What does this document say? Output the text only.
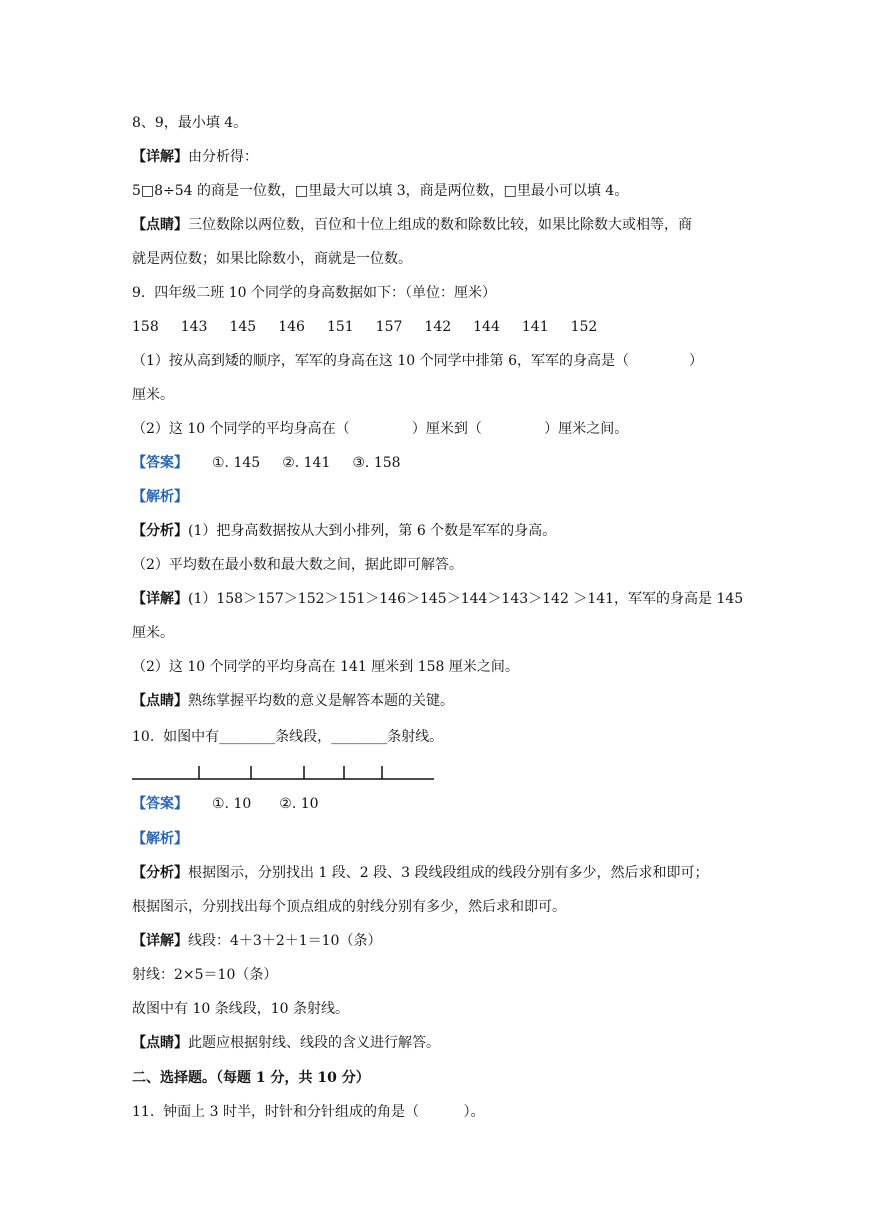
8、9，最小填 4。
【详解】由分析得：
5□8÷54 的商是一位数，□里最大可以填 3，商是两位数，□里最小可以填 4。
【点睛】三位数除以两位数，百位和十位上组成的数和除数比较，如果比除数大或相等，商
就是两位数；如果比除数小，商就是一位数。
9.  四年级二班 10 个同学的身高数据如下：（单位：厘米）
158 143 145 146 151 157 142 144 141 152
（1）按从高到矮的顺序，军军的身高在这 10 个同学中排第 6，军军的身高是（	）
厘米。
（2）这 10 个同学的平均身高在（              ）厘米到（              ）厘米之间。
【答案】 ①. 145 ②. 141 ③. 158
【解析】
【分析】(1）把身高数据按从大到小排列，第 6 个数是军军的身高。
（2）平均数在最小数和最大数之间，据此即可解答。
【详解】(1）158＞157＞152＞151＞146＞145＞144＞143＞142 ＞141，军军的身高是 145
厘米。
（2）这 10 个同学的平均身高在 141 厘米到 158 厘米之间。
【点睛】熟练掌握平均数的意义是解答本题的关键。
10.  如图中有________条线段，________条射线。
【答案】 ①. 10 ②. 10
【解析】
【分析】根据图示，分别找出 1 段、2 段、3 段线段组成的线段分别有多少，然后求和即可；
根据图示，分别找出每个顶点组成的射线分别有多少，然后求和即可。
【详解】线段：4＋3＋2＋1＝10（条）
射线：2×5＝10（条）
故图中有 10 条线段，10 条射线。
【点睛】此题应根据射线、线段的含义进行解答。
二、选择题。（每题 1 分，共 10 分）
11.  钟面上 3 时半，时针和分针组成的角是（          ）。
